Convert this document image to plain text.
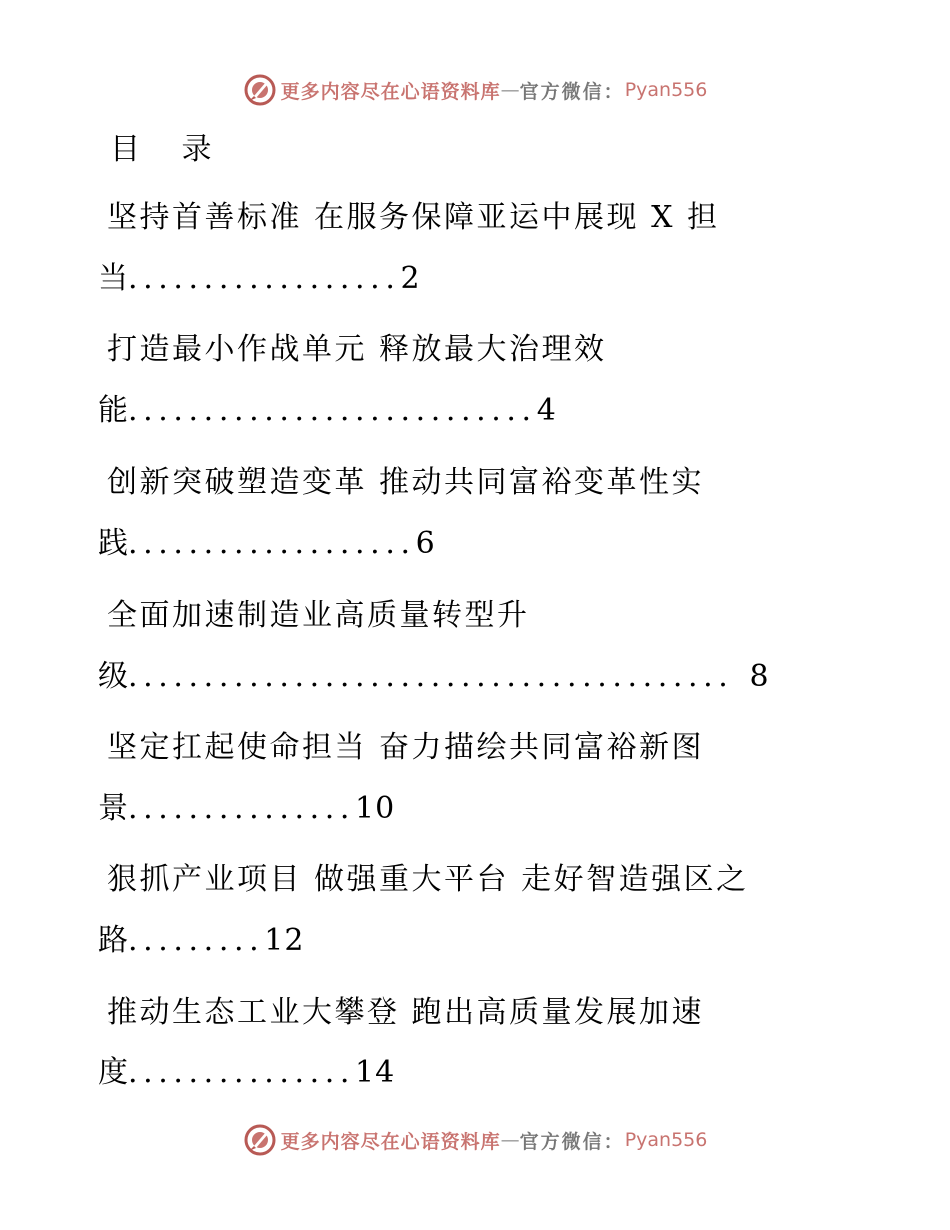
更多内容尽在心语资料库 — 官方微信： Pyan556
目 录
坚持首善标准 在服务保障亚运中展现 X 担
当..................2
打造最小作战单元 释放最大治理效
能...........................4
创新突破塑造变革 推动共同富裕变革性实
践...................6
全面加速制造业高质量转型升
级........................................ 8
坚定扛起使命担当 奋力描绘共同富裕新图
景...............10
狠抓产业项目 做强重大平台 走好智造强区之
路.........12
推动生态工业大攀登 跑出高质量发展加速
度...............14
更多内容尽在心语资料库 — 官方微信： Pyan556
